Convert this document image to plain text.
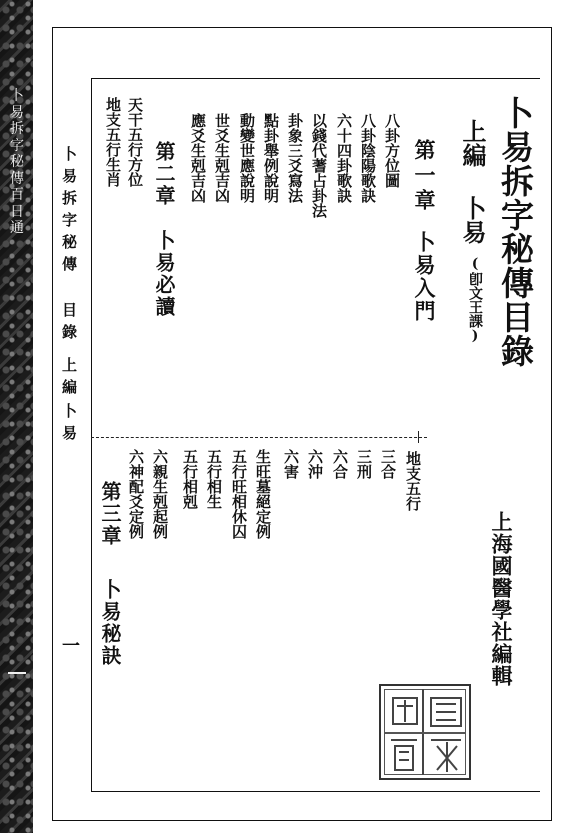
卜易拆字秘傳百日通	卜易拆字秘傳目錄
上編
卜易
(卽文王課)
第一章
卜易入門
八卦方位圖
八卦陰陽歌訣
六十四卦歌訣
以錢代蓍占卦法
卦象三爻寫法
點卦舉例說明
動變世應說明
世爻生剋吉凶
應爻生剋吉凶
第二章
卜易必讀
天干五行方位
地支五行生肖
地支五行
三合
三刑
六合
六沖
六害
生旺墓絕定例
五行旺相休囚
五行相生
五行相剋
六親生剋起例
六神配爻定例
第三章
卜易秘訣	上海國醫學社編輯
卜易拆字秘傳
目錄
上編
卜易
一
